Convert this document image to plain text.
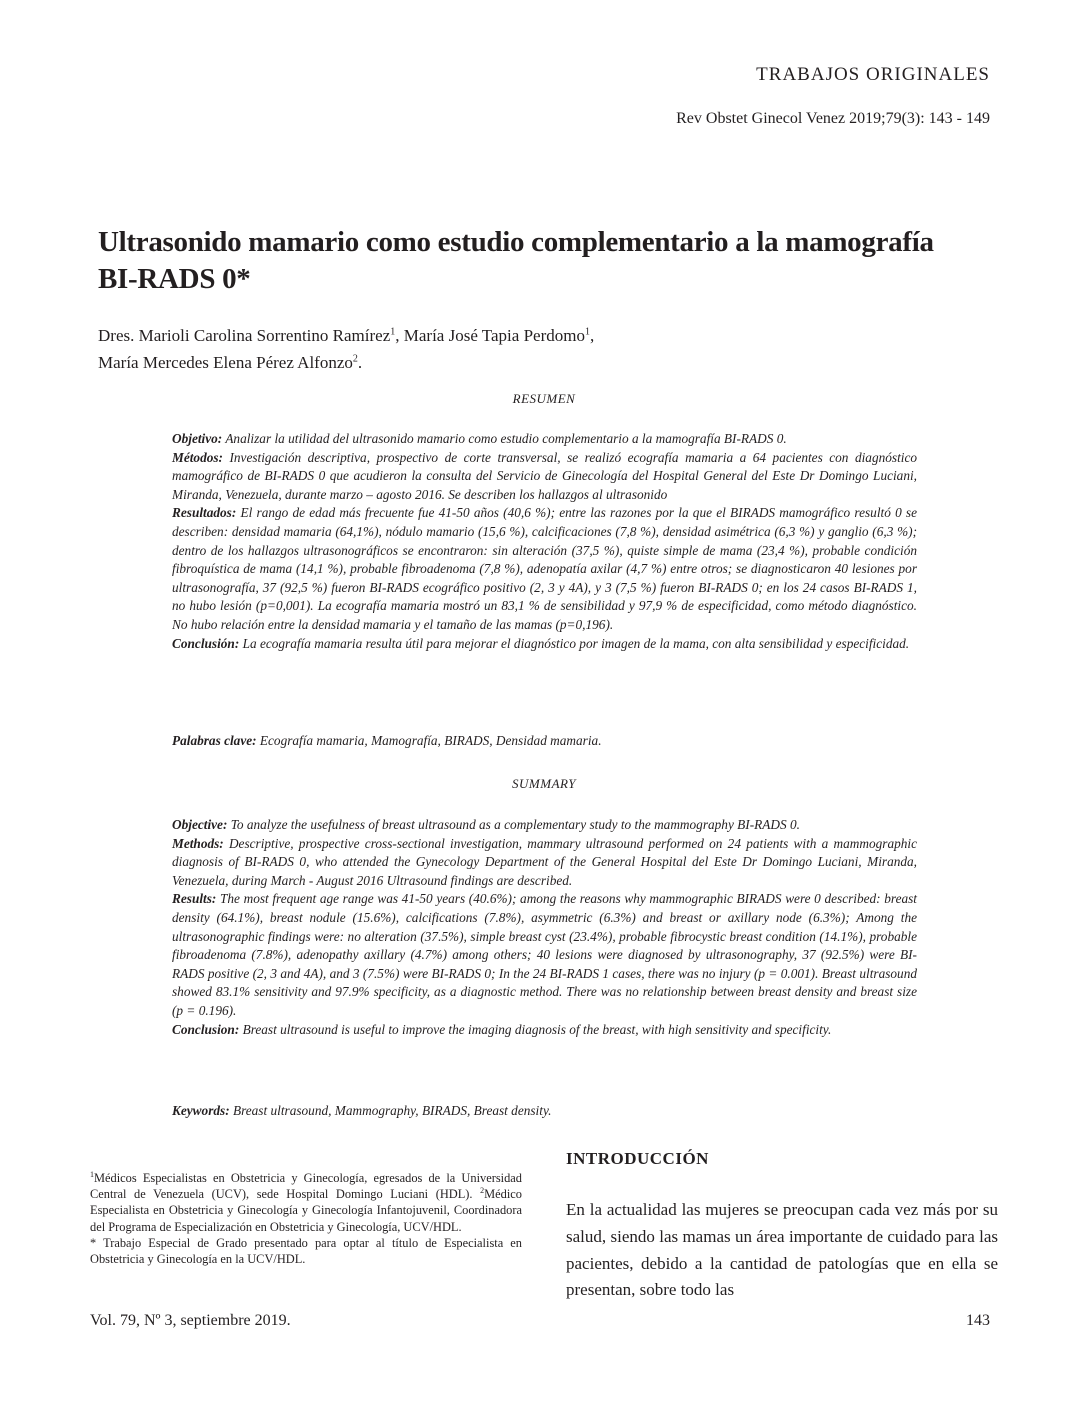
TRABAJOS ORIGINALES
Rev Obstet Ginecol Venez 2019;79(3): 143 - 149
Ultrasonido mamario como estudio complementario a la mamografía BI-RADS 0*
Dres. Marioli Carolina Sorrentino Ramírez$^1$, María José Tapia Perdomo$^1$,
María Mercedes Elena Pérez Alfonzo$^2$.
RESUMEN

Objetivo: Analizar la utilidad del ultrasonido mamario como estudio complementario a la mamografía BI-RADS 0.

Métodos: Investigación descriptiva, prospectivo de corte transversal, se realizó ecografía mamaria a 64 pacientes con diagnóstico mamográfico de BI-RADS 0 que acudieron la consulta del Servicio de Ginecología del Hospital General del Este Dr Domingo Luciani, Miranda, Venezuela, durante marzo – agosto 2016. Se describen los hallazgos al ultrasonido

Resultados: El rango de edad más frecuente fue 41-50 años (40,6 %); entre las razones por la que el BIRADS mamográfico resultó 0 se describen: densidad mamaria (64,1%), nódulo mamario (15,6 %), calcificaciones (7,8 %), densidad asimétrica (6,3 %) y ganglio (6,3 %); dentro de los hallazgos ultrasonográficos se encontraron: sin alteración (37,5 %), quiste simple de mama (23,4 %), probable condición fibroquística de mama (14,1 %), probable fibroadenoma (7,8 %), adenopatía axilar (4,7 %) entre otros; se diagnosticaron 40 lesiones por ultrasonografía, 37 (92,5 %) fueron BI-RADS ecográfico positivo (2, 3 y 4A), y 3 (7,5 %) fueron BI-RADS 0; en los 24 casos BI-RADS 1, no hubo lesión (p=0,001). La ecografía mamaria mostró un 83,1 % de sensibilidad y 97,9 % de especificidad, como método diagnóstico. No hubo relación entre la densidad mamaria y el tamaño de las mamas (p=0,196).

Conclusión: La ecografía mamaria resulta útil para mejorar el diagnóstico por imagen de la mama, con alta sensibilidad y especificidad.

Palabras clave: Ecografía mamaria, Mamografía, BIRADS, Densidad mamaria.
SUMMARY

Objective: To analyze the usefulness of breast ultrasound as a complementary study to the mammography BI-RADS 0.

Methods: Descriptive, prospective cross-sectional investigation, mammary ultrasound performed on 24 patients with a mammographic diagnosis of BI-RADS 0, who attended the Gynecology Department of the General Hospital del Este Dr Domingo Luciani, Miranda, Venezuela, during March - August 2016 Ultrasound findings are described.

Results: The most frequent age range was 41-50 years (40.6%); among the reasons why mammographic BIRADS were 0 described: breast density (64.1%), breast nodule (15.6%), calcifications (7.8%), asymmetric (6.3%) and breast or axillary node (6.3%); Among the ultrasonographic findings were: no alteration (37.5%), simple breast cyst (23.4%), probable fibrocystic breast condition (14.1%), probable fibroadenoma (7.8%), adenopathy axillary (4.7%) among others; 40 lesions were diagnosed by ultrasonography, 37 (92.5%) were BI-RADS positive (2, 3 and 4A), and 3 (7.5%) were BI-RADS 0; In the 24 BI-RADS 1 cases, there was no injury (p = 0.001). Breast ultrasound showed 83.1% sensitivity and 97.9% specificity, as a diagnostic method. There was no relationship between breast density and breast size (p = 0.196).

Conclusion: Breast ultrasound is useful to improve the imaging diagnosis of the breast, with high sensitivity and specificity.

Keywords: Breast ultrasound, Mammography, BIRADS, Breast density.

$^1$Médicos Especialistas en Obstetricia y Ginecología, egresados de la Universidad Central de Venezuela (UCV), sede Hospital Domingo Luciani (HDL). $^2$Médico Especialista en Obstetricia y Ginecología y Ginecología Infantojuvenil, Coordinadora del Programa de Especialización en Obstetricia y Ginecología, UCV/HDL.

* Trabajo Especial de Grado presentado para optar al título de Especialista en Obstetricia y Ginecología en la UCV/HDL.

INTRODUCCIÓN

En la actualidad las mujeres se preocupan cada vez más por su salud, siendo las mamas un área importante de cuidado para las pacientes, debido a la cantidad de patologías que en ella se presentan, sobre todo las

Vol. 79, Nº 3, septiembre 2019.	143
